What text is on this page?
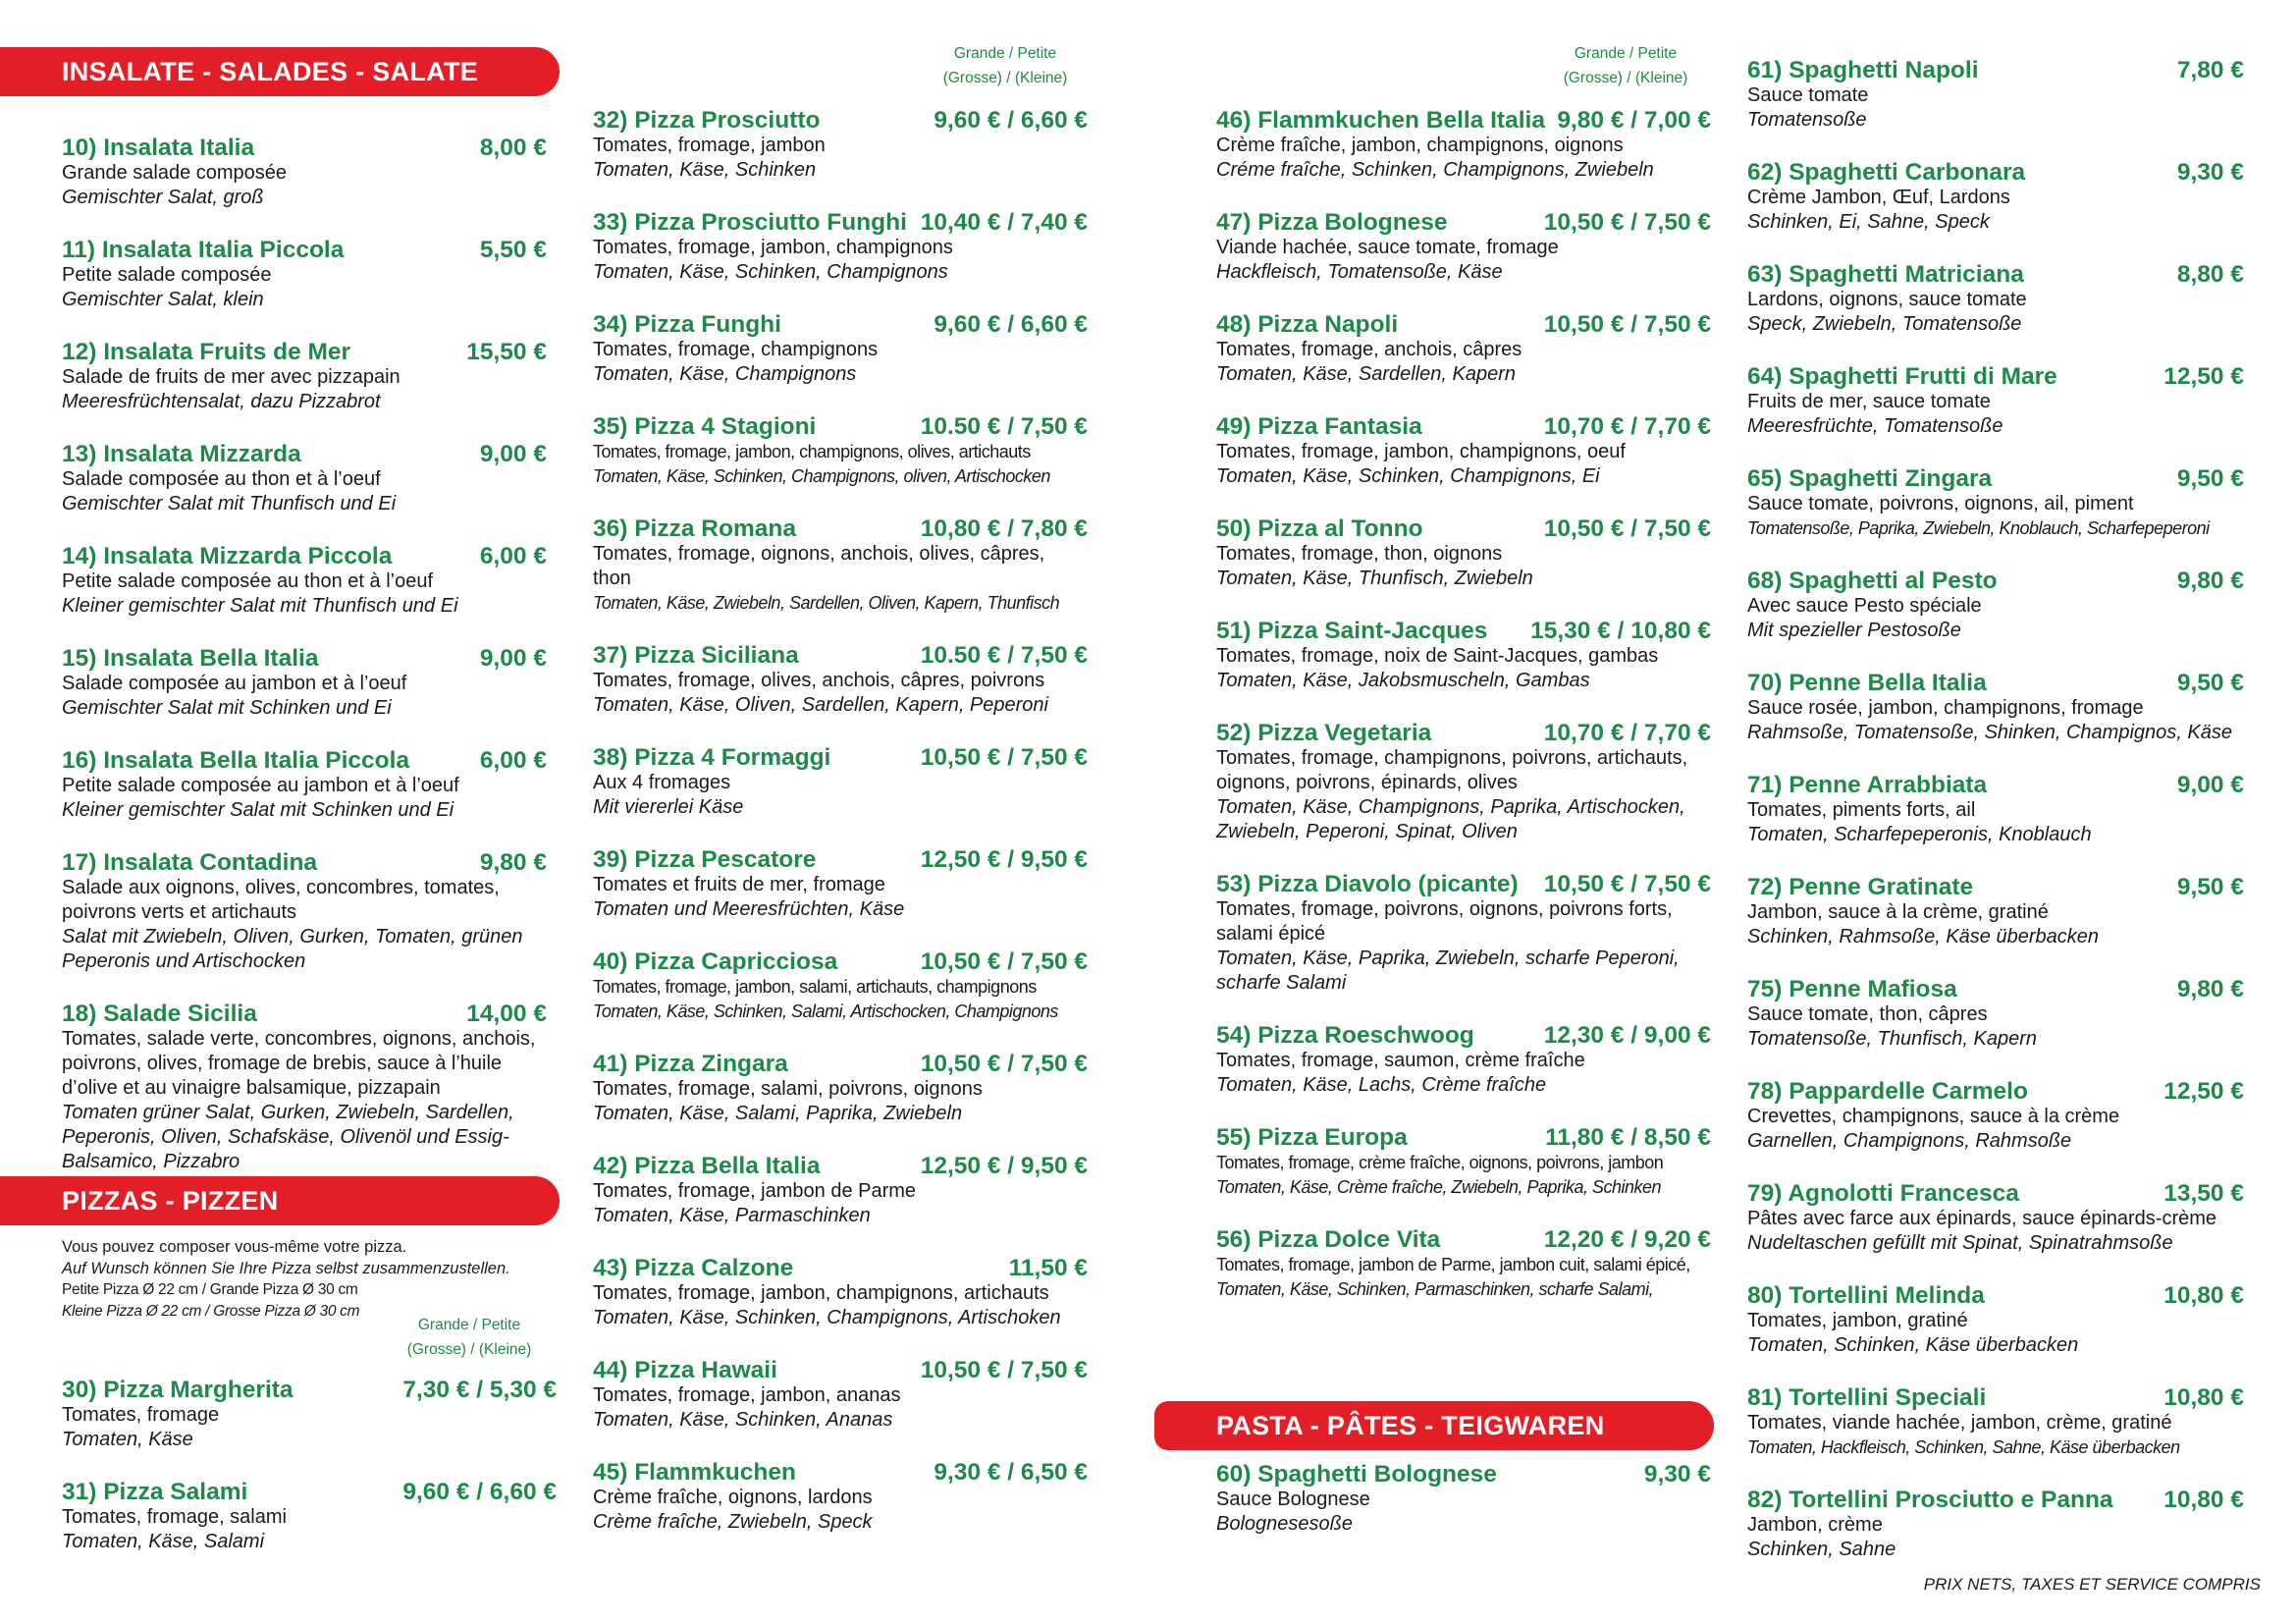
INSALATE - SALADES - SALATE
10) Insalata Italia	8,00 €
Grande salade composée
Gemischter Salat, groß
11) Insalata Italia Piccola	5,50 €
Petite salade composée
Gemischter Salat, klein
12) Insalata Fruits de Mer	15,50 €
Salade de fruits de mer avec pizzapain
Meeresfrüchtensalat, dazu Pizzabrot
13) Insalata Mizzarda	9,00 €
Salade composée au thon et à l’oeuf
Gemischter Salat mit Thunfisch und Ei
14) Insalata Mizzarda Piccola	6,00 €
Petite salade composée au thon et à l’oeuf
Kleiner gemischter Salat mit Thunfisch und Ei
15) Insalata Bella Italia	9,00 €
Salade composée au jambon et à l’oeuf
Gemischter Salat mit Schinken und Ei
16) Insalata Bella Italia Piccola	6,00 €
Petite salade composée au jambon et à l’oeuf
Kleiner gemischter Salat mit Schinken und Ei
17) Insalata Contadina	9,80 €
Salade aux oignons, olives, concombres, tomates, poivrons verts et artichauts
Salat mit Zwiebeln, Oliven, Gurken, Tomaten, grünen Peperonis und Artischocken
18) Salade Sicilia	14,00 €
Tomates, salade verte, concombres, oignons, anchois, poivrons, olives, fromage de brebis, sauce à l’huile d’olive et au vinaigre balsamique, pizzapain
Tomaten grüner Salat, Gurken, Zwiebeln, Sardellen, Peperonis, Oliven, Schafskäse, Olivenöl und Essig-Balsamico, Pizzabro
PIZZAS - PIZZEN
Vous pouvez composer vous-même votre pizza.
Auf Wunsch können Sie Ihre Pizza selbst zusammenzustellen.
Petite Pizza Ø 22 cm / Grande Pizza Ø 30 cm
Kleine Pizza Ø 22 cm / Grosse Pizza Ø 30 cm
Grande / Petite
(Grosse) / (Kleine)
30) Pizza Margherita	7,30 € / 5,30 €
Tomates, fromage
Tomaten, Käse
31) Pizza Salami	9,60 € / 6,60 €
Tomates, fromage, salami
Tomaten, Käse, Salami
Grande / Petite
(Grosse) / (Kleine)
32) Pizza Prosciutto	9,60 € / 6,60 €
Tomates, fromage, jambon
Tomaten, Käse, Schinken
33) Pizza Prosciutto Funghi 10,40 € / 7,40 €
Tomates, fromage, jambon, champignons
Tomaten, Käse, Schinken, Champignons
34) Pizza Funghi	9,60 € / 6,60 €
Tomates, fromage, champignons
Tomaten, Käse, Champignons
35) Pizza 4 Stagioni	10.50 € / 7,50 €
Tomates, fromage, jambon, champignons, olives, artichauts
Tomaten, Käse, Schinken, Champignons, oliven, Artischocken
36) Pizza Romana	10,80 € / 7,80 €
Tomates, fromage, oignons, anchois, olives, câpres, thon
Tomaten, Käse, Zwiebeln, Sardellen, Oliven, Kapern, Thunfisch
37) Pizza Siciliana	10.50 € / 7,50 €
Tomates, fromage, olives, anchois, câpres, poivrons
Tomaten, Käse, Oliven, Sardellen, Kapern, Peperoni
38) Pizza 4 Formaggi	10,50 € / 7,50 €
Aux 4 fromages
Mit viererlei Käse
39) Pizza Pescatore	12,50 € / 9,50 €
Tomates et fruits de mer, fromage
Tomaten und Meeresfrüchten, Käse
40) Pizza Capricciosa	10,50 € / 7,50 €
Tomates, fromage, jambon, salami, artichauts, champignons
Tomaten, Käse, Schinken, Salami, Artischocken, Champignons
41) Pizza Zingara	10,50 € / 7,50 €
Tomates, fromage, salami, poivrons, oignons
Tomaten, Käse, Salami, Paprika, Zwiebeln
42) Pizza Bella Italia	12,50 € / 9,50 €
Tomates, fromage, jambon de Parme
Tomaten, Käse, Parmaschinken
43) Pizza Calzone	11,50 €
Tomates, fromage, jambon, champignons, artichauts
Tomaten, Käse, Schinken, Champignons, Artischoken
44) Pizza Hawaii	10,50 € / 7,50 €
Tomates, fromage, jambon, ananas
Tomaten, Käse, Schinken, Ananas
45) Flammkuchen	9,30 € / 6,50 €
Crème fraîche, oignons, lardons
Crème fraîche, Zwiebeln, Speck
Grande / Petite
(Grosse) / (Kleine)
46) Flammkuchen Bella Italia 9,80 € / 7,00 €
Crème fraîche, jambon, champignons, oignons
Créme fraîche, Schinken, Champignons, Zwiebeln
47) Pizza Bolognese	10,50 € / 7,50 €
Viande hachée, sauce tomate, fromage
Hackfleisch, Tomatensoße, Käse
48) Pizza Napoli	10,50 € / 7,50 €
Tomates, fromage, anchois, câpres
Tomaten, Käse, Sardellen, Kapern
49) Pizza Fantasia	10,70 € / 7,70 €
Tomates, fromage, jambon, champignons, oeuf
Tomaten, Käse, Schinken, Champignons, Ei
50) Pizza al Tonno	10,50 € / 7,50 €
Tomates, fromage, thon, oignons
Tomaten, Käse, Thunfisch, Zwiebeln
51) Pizza Saint-Jacques 15,30 € / 10,80 €
Tomates, fromage, noix de Saint-Jacques, gambas
Tomaten, Käse, Jakobsmuscheln, Gambas
52) Pizza Vegetaria	10,70 € / 7,70 €
Tomates, fromage, champignons, poivrons, artichauts, oignons, poivrons, épinards, olives
Tomaten, Käse, Champignons, Paprika, Artischocken, Zwiebeln, Peperoni, Spinat, Oliven
53) Pizza Diavolo (picante) 10,50 € / 7,50 €
Tomates, fromage, poivrons, oignons, poivrons forts, salami épicé
Tomaten, Käse, Paprika, Zwiebeln, scharfe Peperoni, scharfe Salami
54) Pizza Roeschwoog	12,30 € / 9,00 €
Tomates, fromage, saumon, crème fraîche
Tomaten, Käse, Lachs, Crème fraîche
55) Pizza Europa	11,80 € / 8,50 €
Tomates, fromage, crème fraîche, oignons, poivrons, jambon
Tomaten, Käse, Crème fraîche, Zwiebeln, Paprika, Schinken
56) Pizza Dolce Vita	12,20 € / 9,20 €
Tomates, fromage, jambon de Parme, jambon cuit, salami épicé,
Tomaten, Käse, Schinken, Parmaschinken, scharfe Salami,
PASTA - PÂTES - TEIGWAREN
60) Spaghetti Bolognese	9,30 €
Sauce Bolognese
Bolognesesoße
61) Spaghetti Napoli	7,80 €
Sauce tomate
Tomatensoße
62) Spaghetti Carbonara	9,30 €
Crème Jambon, Œuf, Lardons
Schinken, Ei, Sahne, Speck
63) Spaghetti Matriciana	8,80 €
Lardons, oignons, sauce tomate
Speck, Zwiebeln, Tomatensoße
64) Spaghetti Frutti di Mare	12,50 €
Fruits de mer, sauce tomate
Meeresfrüchte, Tomatensoße
65) Spaghetti Zingara	9,50 €
Sauce tomate, poivrons, oignons, ail, piment
Tomatensoße, Paprika, Zwiebeln, Knoblauch, Scharfepeperoni
68) Spaghetti al Pesto	9,80 €
Avec sauce Pesto spéciale
Mit spezieller Pestosoße
70) Penne Bella Italia	9,50 €
Sauce rosée, jambon, champignons, fromage
Rahmsoße, Tomatensoße, Shinken, Champignos, Käse
71) Penne Arrabbiata	9,00 €
Tomates, piments forts, ail
Tomaten, Scharfepeperonis, Knoblauch
72) Penne Gratinate	9,50 €
Jambon, sauce à la crème, gratiné
Schinken, Rahmsoße, Käse überbacken
75) Penne Mafiosa	9,80 €
Sauce tomate, thon, câpres
Tomatensoße, Thunfisch, Kapern
78) Pappardelle Carmelo	12,50 €
Crevettes, champignons, sauce à la crème
Garnellen, Champignons, Rahmsoße
79) Agnolotti Francesca	13,50 €
Pâtes avec farce aux épinards, sauce épinards-crème
Nudeltaschen gefüllt mit Spinat, Spinatrahmsoße
80) Tortellini Melinda	10,80 €
Tomates, jambon, gratiné
Tomaten, Schinken, Käse überbacken
81) Tortellini Speciali	10,80 €
Tomates, viande hachée, jambon, crème, gratiné
Tomaten, Hackfleisch, Schinken, Sahne, Käse überbacken
82) Tortellini Prosciutto e Panna 10,80 €
Jambon, crème
Schinken, Sahne
PRIX NETS, TAXES ET SERVICE COMPRIS
